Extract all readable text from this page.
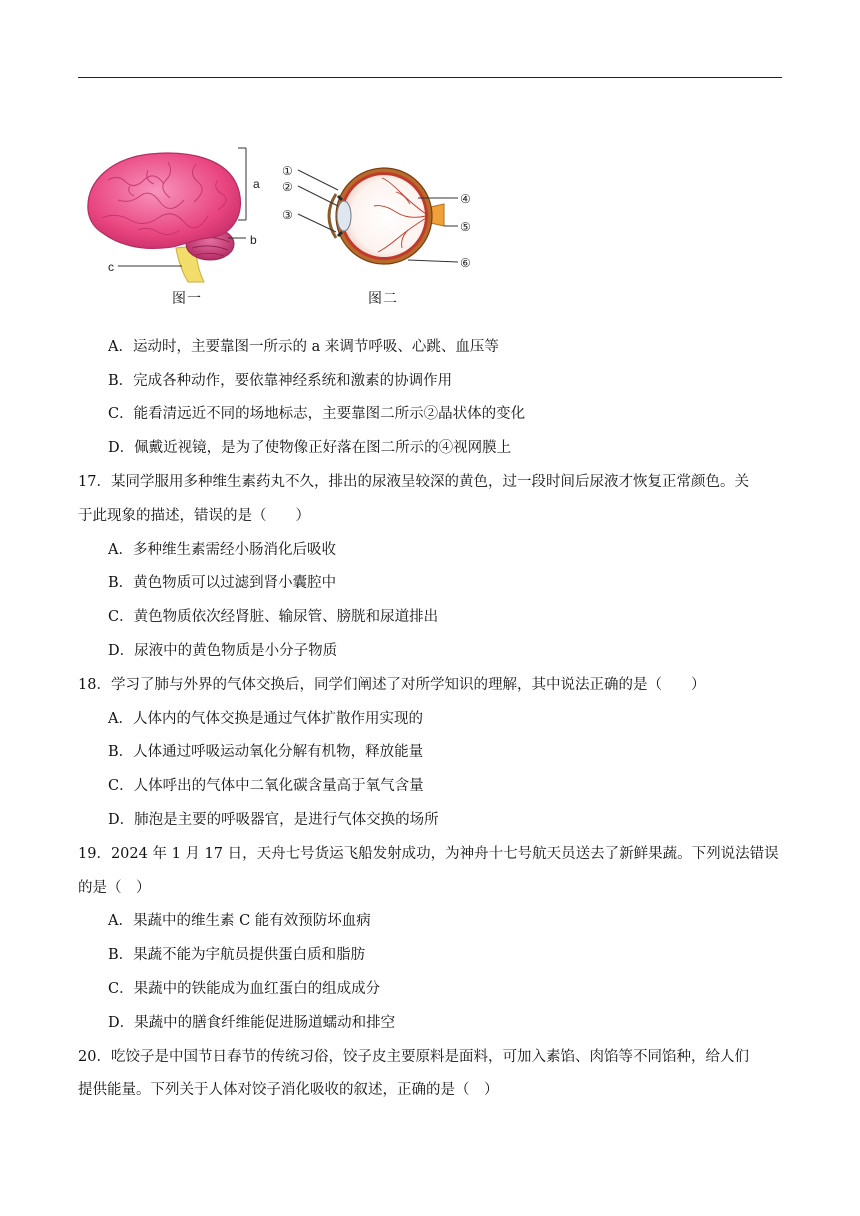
a
b
c
图一
①
②
③
④
⑤
⑥
图二
A．运动时，主要靠图一所示的 a 来调节呼吸、心跳、血压等
B．完成各种动作，要依靠神经系统和激素的协调作用
C．能看清远近不同的场地标志，主要靠图二所示②晶状体的变化
D．佩戴近视镜，是为了使物像正好落在图二所示的④视网膜上
17．某同学服用多种维生素药丸不久，排出的尿液呈较深的黄色，过一段时间后尿液才恢复正常颜色。关
于此现象的描述，错误的是（　　）
A．多种维生素需经小肠消化后吸收
B．黄色物质可以过滤到肾小囊腔中
C．黄色物质依次经肾脏、输尿管、膀胱和尿道排出
D．尿液中的黄色物质是小分子物质
18．学习了肺与外界的气体交换后，同学们阐述了对所学知识的理解，其中说法正确的是（　　）
A．人体内的气体交换是通过气体扩散作用实现的
B．人体通过呼吸运动氧化分解有机物，释放能量
C．人体呼出的气体中二氧化碳含量高于氧气含量
D．肺泡是主要的呼吸器官，是进行气体交换的场所
19．2024 年 1 月 17 日，天舟七号货运飞船发射成功，为神舟十七号航天员送去了新鲜果蔬。下列说法错误
的是（　）
A．果蔬中的维生素 C 能有效预防坏血病
B．果蔬不能为宇航员提供蛋白质和脂肪
C．果蔬中的铁能成为血红蛋白的组成成分
D．果蔬中的膳食纤维能促进肠道蠕动和排空
20．吃饺子是中国节日春节的传统习俗，饺子皮主要原料是面料，可加入素馅、肉馅等不同馅种，给人们
提供能量。下列关于人体对饺子消化吸收的叙述，正确的是（　）
